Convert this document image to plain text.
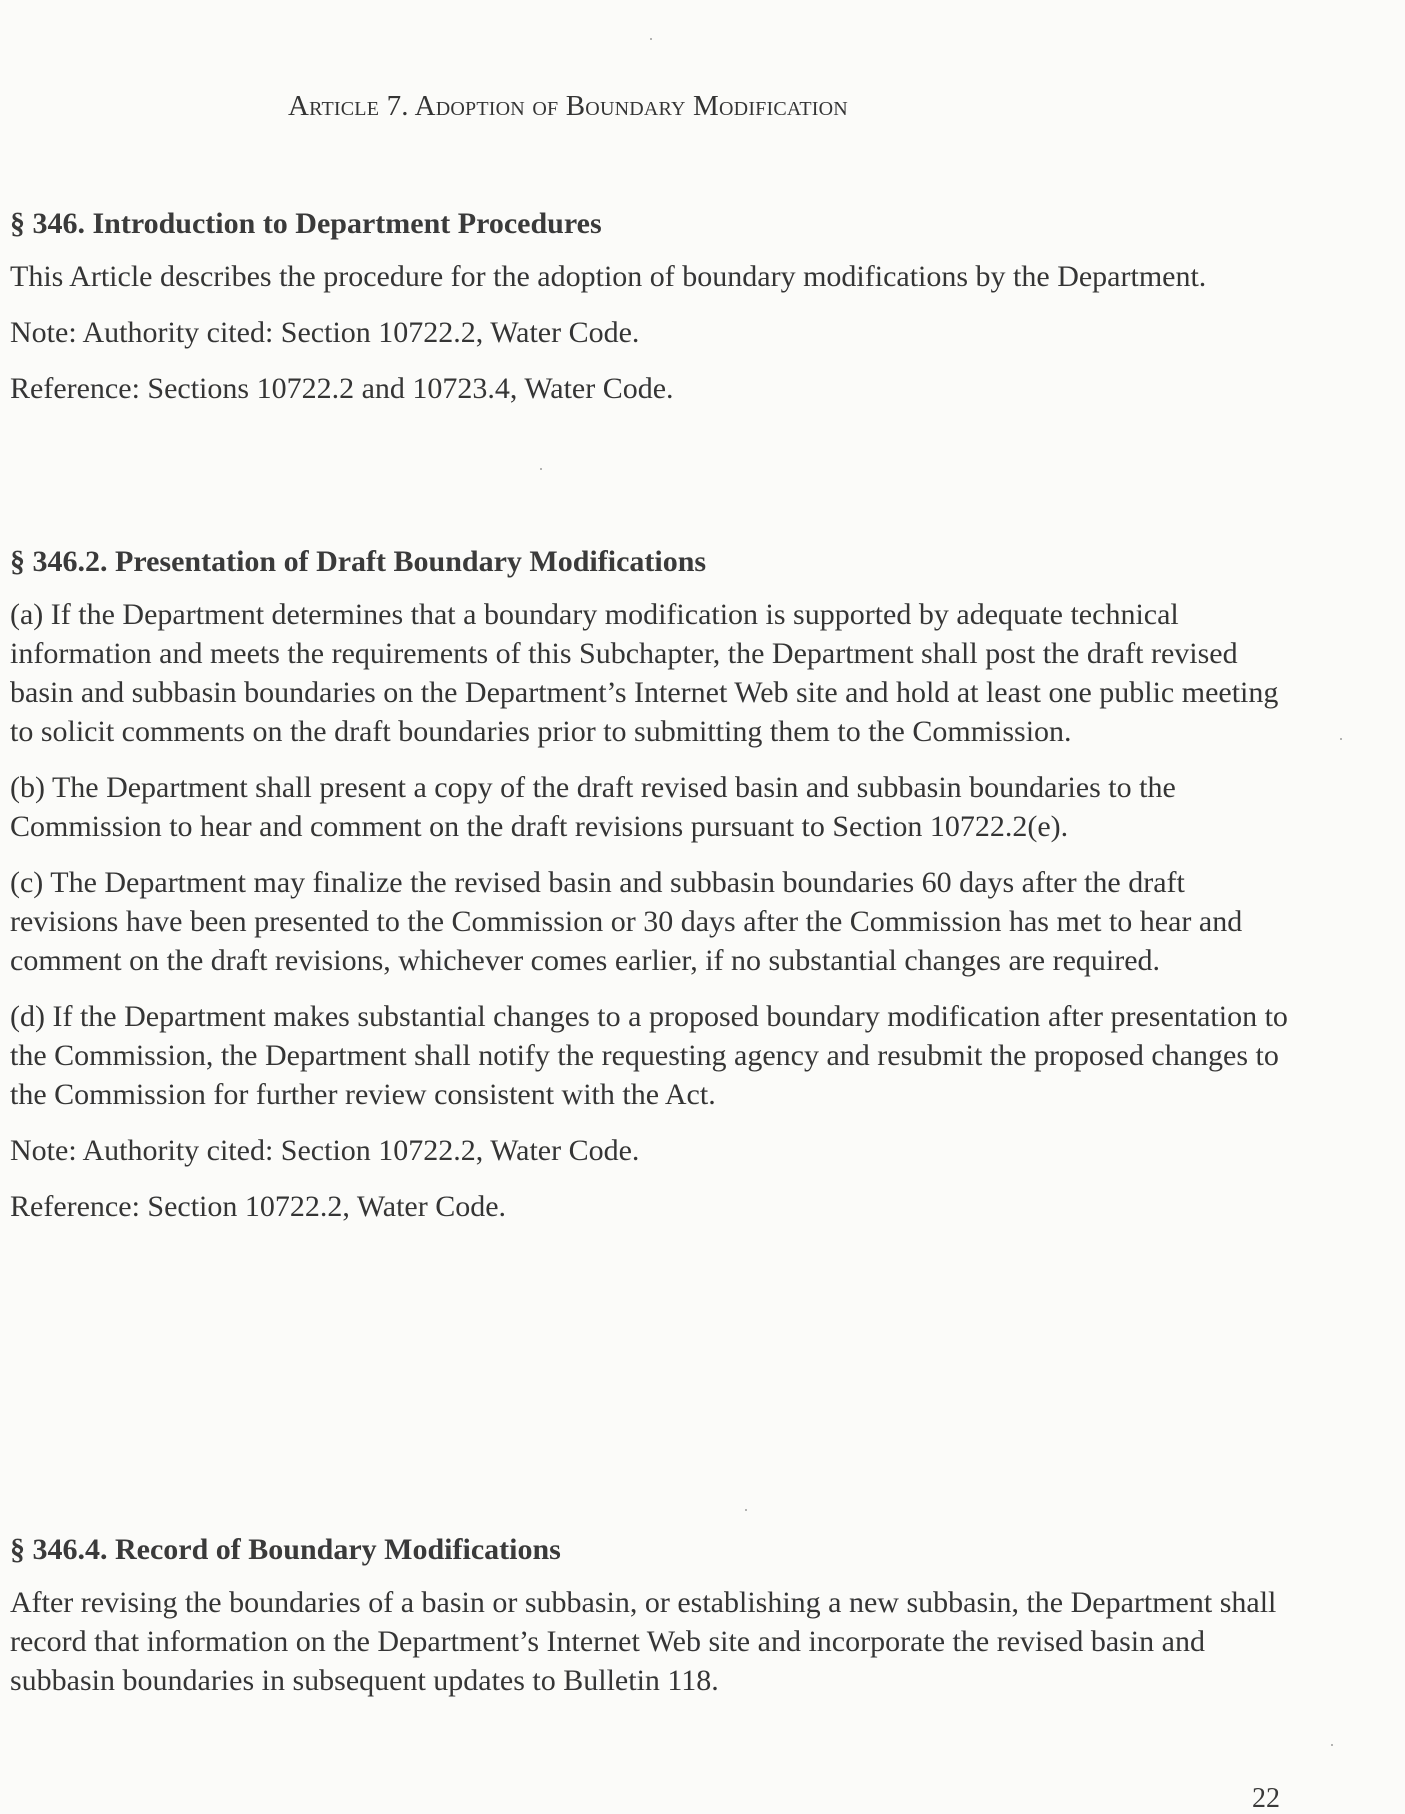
Article 7. Adoption of Boundary Modification
§ 346. Introduction to Department Procedures

This Article describes the procedure for the adoption of boundary modifications by the Department.

Note: Authority cited: Section 10722.2, Water Code.

Reference: Sections 10722.2 and 10723.4, Water Code.

§ 346.2. Presentation of Draft Boundary Modifications

(a) If the Department determines that a boundary modification is supported by adequate technical information and meets the requirements of this Subchapter, the Department shall post the draft revised basin and subbasin boundaries on the Department’s Internet Web site and hold at least one public meeting to solicit comments on the draft boundaries prior to submitting them to the Commission.

(b) The Department shall present a copy of the draft revised basin and subbasin boundaries to the Commission to hear and comment on the draft revisions pursuant to Section 10722.2(e).

(c) The Department may finalize the revised basin and subbasin boundaries 60 days after the draft revisions have been presented to the Commission or 30 days after the Commission has met to hear and comment on the draft revisions, whichever comes earlier, if no substantial changes are required.

(d) If the Department makes substantial changes to a proposed boundary modification after presentation to the Commission, the Department shall notify the requesting agency and resubmit the proposed changes to the Commission for further review consistent with the Act.

Note: Authority cited: Section 10722.2, Water Code.

Reference: Section 10722.2, Water Code.

§ 346.4. Record of Boundary Modifications

After revising the boundaries of a basin or subbasin, or establishing a new subbasin, the Department shall record that information on the Department’s Internet Web site and incorporate the revised basin and subbasin boundaries in subsequent updates to Bulletin 118.

22
